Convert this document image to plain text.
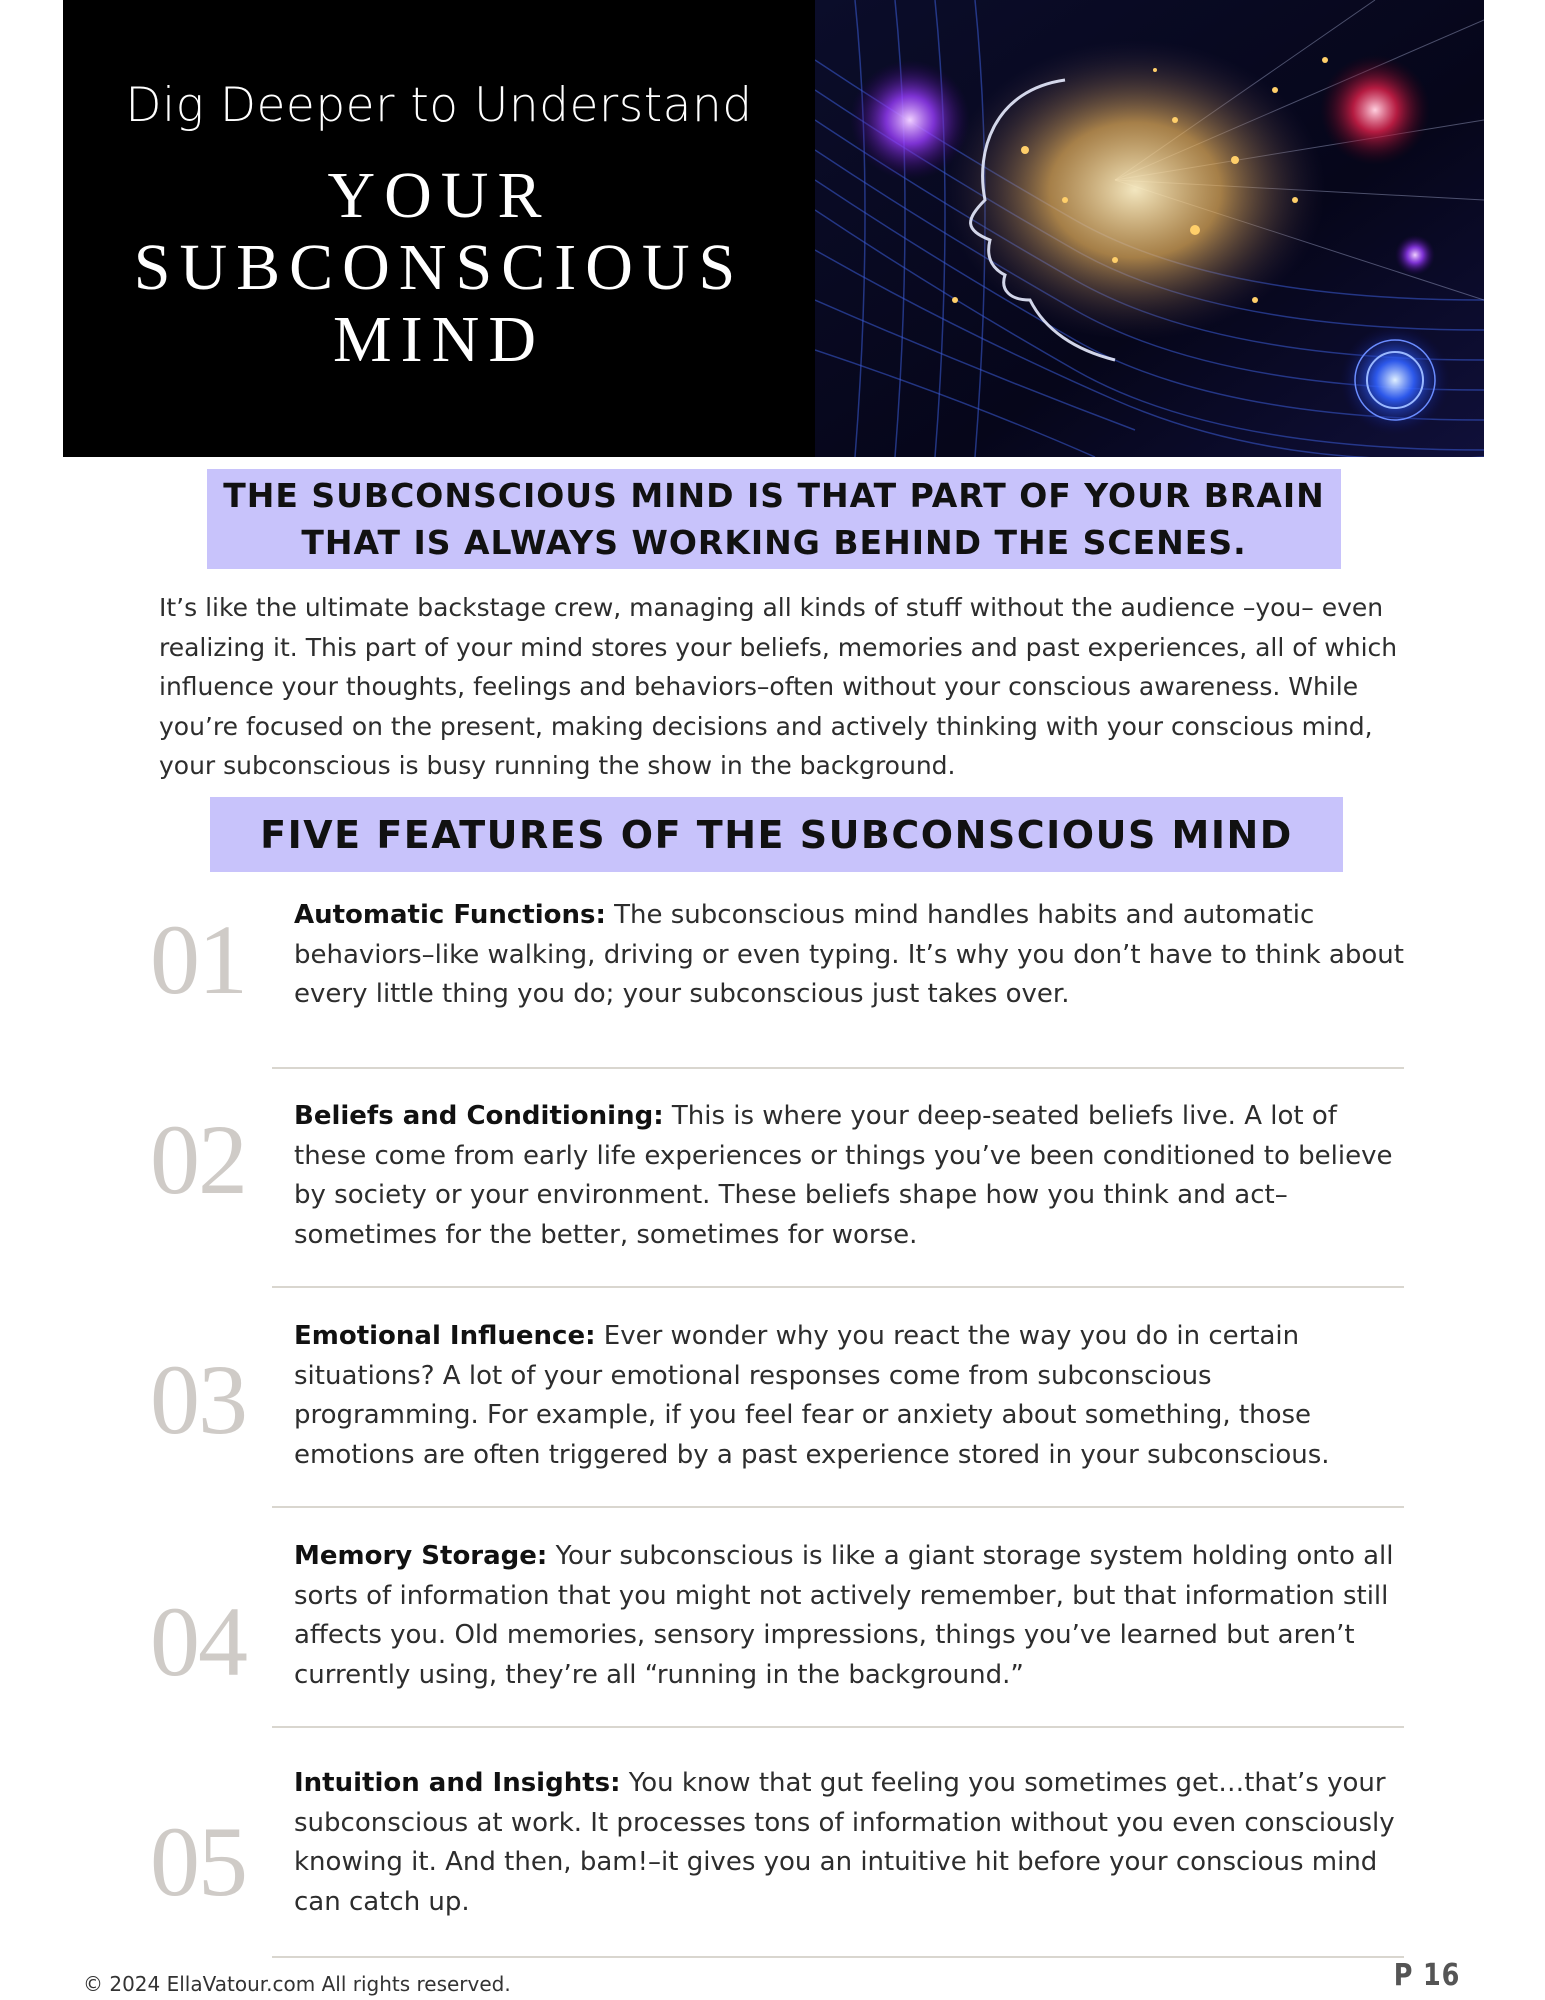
Dig Deeper to Understand
YOUR
SUBCONSCIOUS
MIND
THE SUBCONSCIOUS MIND IS THAT PART OF YOUR BRAIN
THAT IS ALWAYS WORKING BEHIND THE SCENES.

It’s like the ultimate backstage crew, managing all kinds of stuff without the audience –you– even realizing it. This part of your mind stores your beliefs, memories and past experiences, all of which influence your thoughts, feelings and behaviors–often without your conscious awareness. While you’re focused on the present, making decisions and actively thinking with your conscious mind, your subconscious is busy running the show in the background.

FIVE FEATURES OF THE SUBCONSCIOUS MIND
01 Automatic Functions: The subconscious mind handles habits and automatic behaviors–like walking, driving or even typing. It’s why you don’t have to think about every little thing you do; your subconscious just takes over.
02 Beliefs and Conditioning: This is where your deep-seated beliefs live. A lot of these come from early life experiences or things you’ve been conditioned to believe by society or your environment. These beliefs shape how you think and act–sometimes for the better, sometimes for worse.
03
Emotional Influence: Ever wonder why you react the way you do in certain situations? A lot of your emotional responses come from subconscious programming. For example, if you feel fear or anxiety about something, those emotions are often triggered by a past experience stored in your subconscious.
04
Memory Storage: Your subconscious is like a giant storage system holding onto all sorts of information that you might not actively remember, but that information still affects you. Old memories, sensory impressions, things you’ve learned but aren’t currently using, they’re all “running in the background.”
05
Intuition and Insights: You know that gut feeling you sometimes get…that’s your subconscious at work. It processes tons of information without you even consciously knowing it. And then, bam!–it gives you an intuitive hit before your conscious mind can catch up.
© 2024 EllaVatour.com All rights reserved.	P 16
